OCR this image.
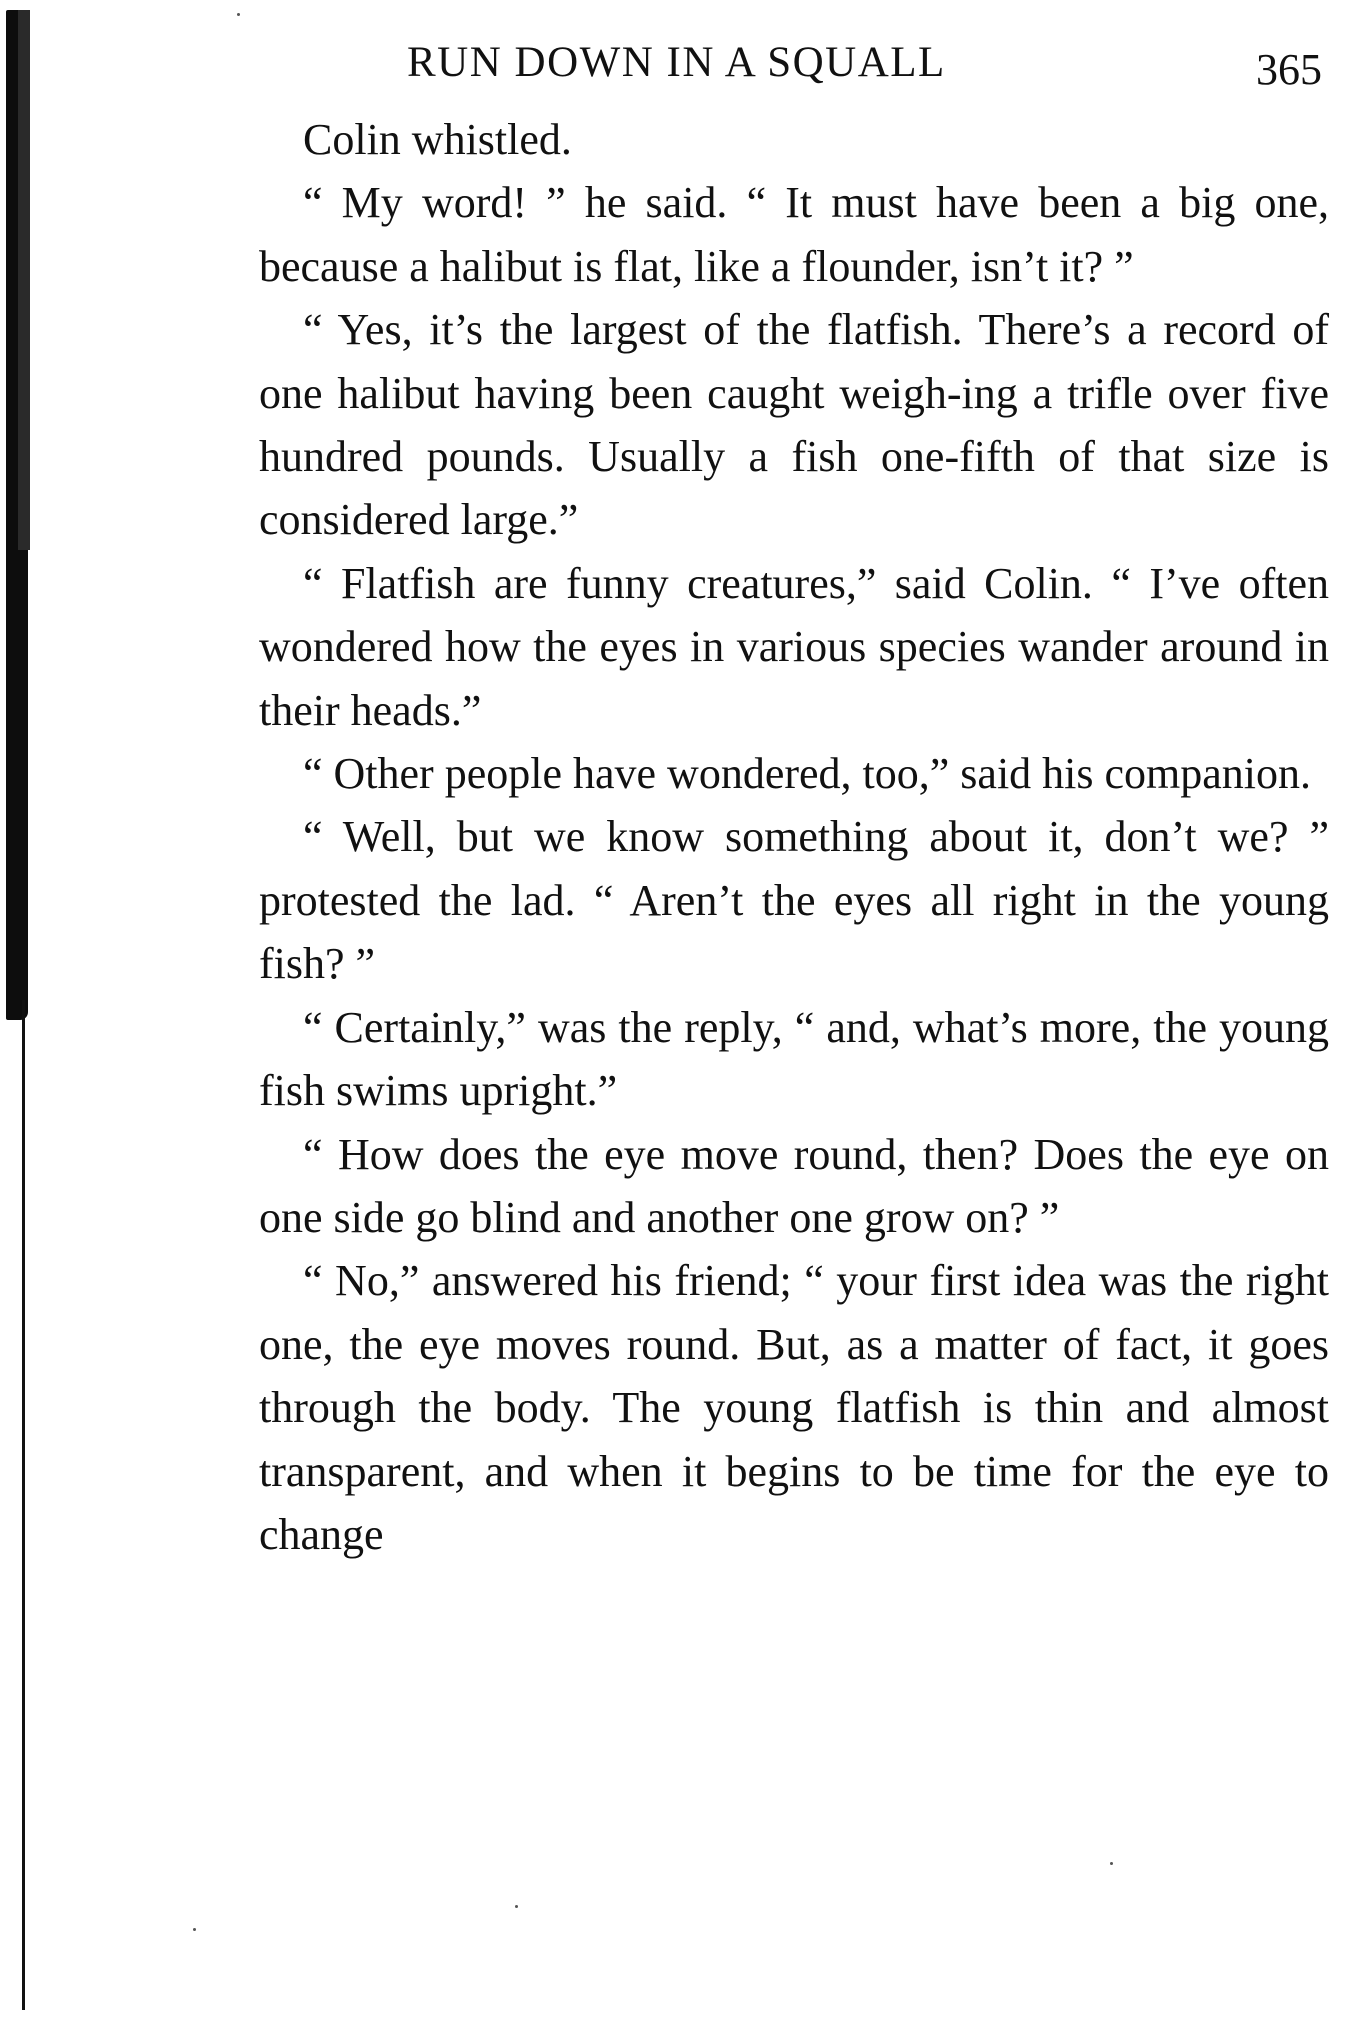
RUN DOWN IN A SQUALL	365

Colin whistled.

“ My word! ” he said. “ It must have been a big one, because a halibut is flat, like a flounder, isn’t it? ”

“ Yes, it’s the largest of the flatfish. There’s a record of one halibut having been caught weigh-ing a trifle over five hundred pounds. Usually a fish one-fifth of that size is considered large.”

“ Flatfish are funny creatures,” said Colin. “ I’ve often wondered how the eyes in various species wander around in their heads.”

“ Other people have wondered, too,” said his companion.

“ Well, but we know something about it, don’t we? ” protested the lad. “ Aren’t the eyes all right in the young fish? ”

“ Certainly,” was the reply, “ and, what’s more, the young fish swims upright.”

“ How does the eye move round, then? Does the eye on one side go blind and another one grow on? ”

“ No,” answered his friend; “ your first idea was the right one, the eye moves round. But, as a matter of fact, it goes through the body. The young flatfish is thin and almost transparent, and when it begins to be time for the eye to change
